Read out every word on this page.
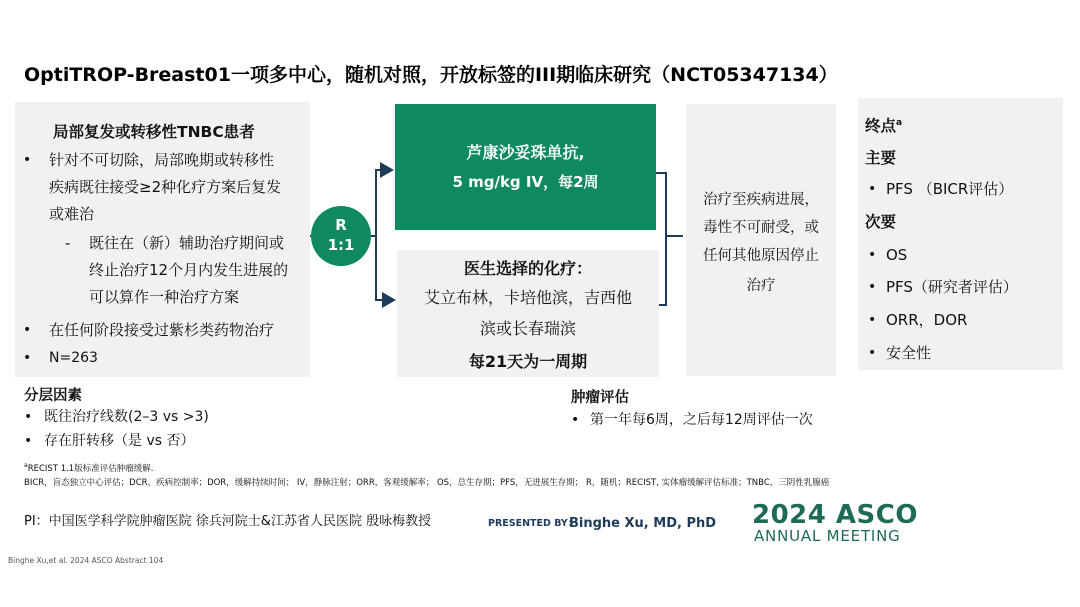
OptiTROP-Breast01一项多中心，随机对照，开放标签的III期临床研究（NCT05347134）
局部复发或转移性TNBC患者
• 针对不可切除，局部晚期或转移性
疾病既往接受≥2种化疗方案后复发
或难治
- 既往在（新）辅助治疗期间或
终止治疗12个月内发生进展的
可以算作一种治疗方案
• 在任何阶段接受过紫杉类药物治疗
• N=263
R
1:1
芦康沙妥珠单抗,
5 mg/kg IV，每2周
医生选择的化疗：
艾立布林，卡培他滨，吉西他
滨或长春瑞滨
每21天为一周期
治疗至疾病进展，
毒性不可耐受，或
任何其他原因停止
治疗
终点$^a$
主要
• PFS （BICR评估）
次要
• OS
• PFS（研究者评估）
• ORR，DOR
• 安全性
分层因素
• 既往治疗线数(2–3 vs >3)
• 存在肝转移（是 vs 否）
肿瘤评估
• 第一年每6周，之后每12周评估一次
$^a$RECIST 1.1版标准评估肿瘤缓解.
BICR，盲态独立中心评估；DCR，疾病控制率；DOR，缓解持续时间； IV，静脉注射；ORR，客观缓解率； OS，总生存期；PFS，无进展生存期； R，随机；RECIST, 实体瘤缓解评估标准；TNBC，三阴性乳腺癌
PI：中国医学科学院肿瘤医院 徐兵河院士&江苏省人民医院 殷咏梅教授	PRESENTED BY：
Binghe Xu, MD, PhD 2024 ASCO
ANNUAL MEETING
Binghe Xu,et al. 2024 ASCO Abstract 104
